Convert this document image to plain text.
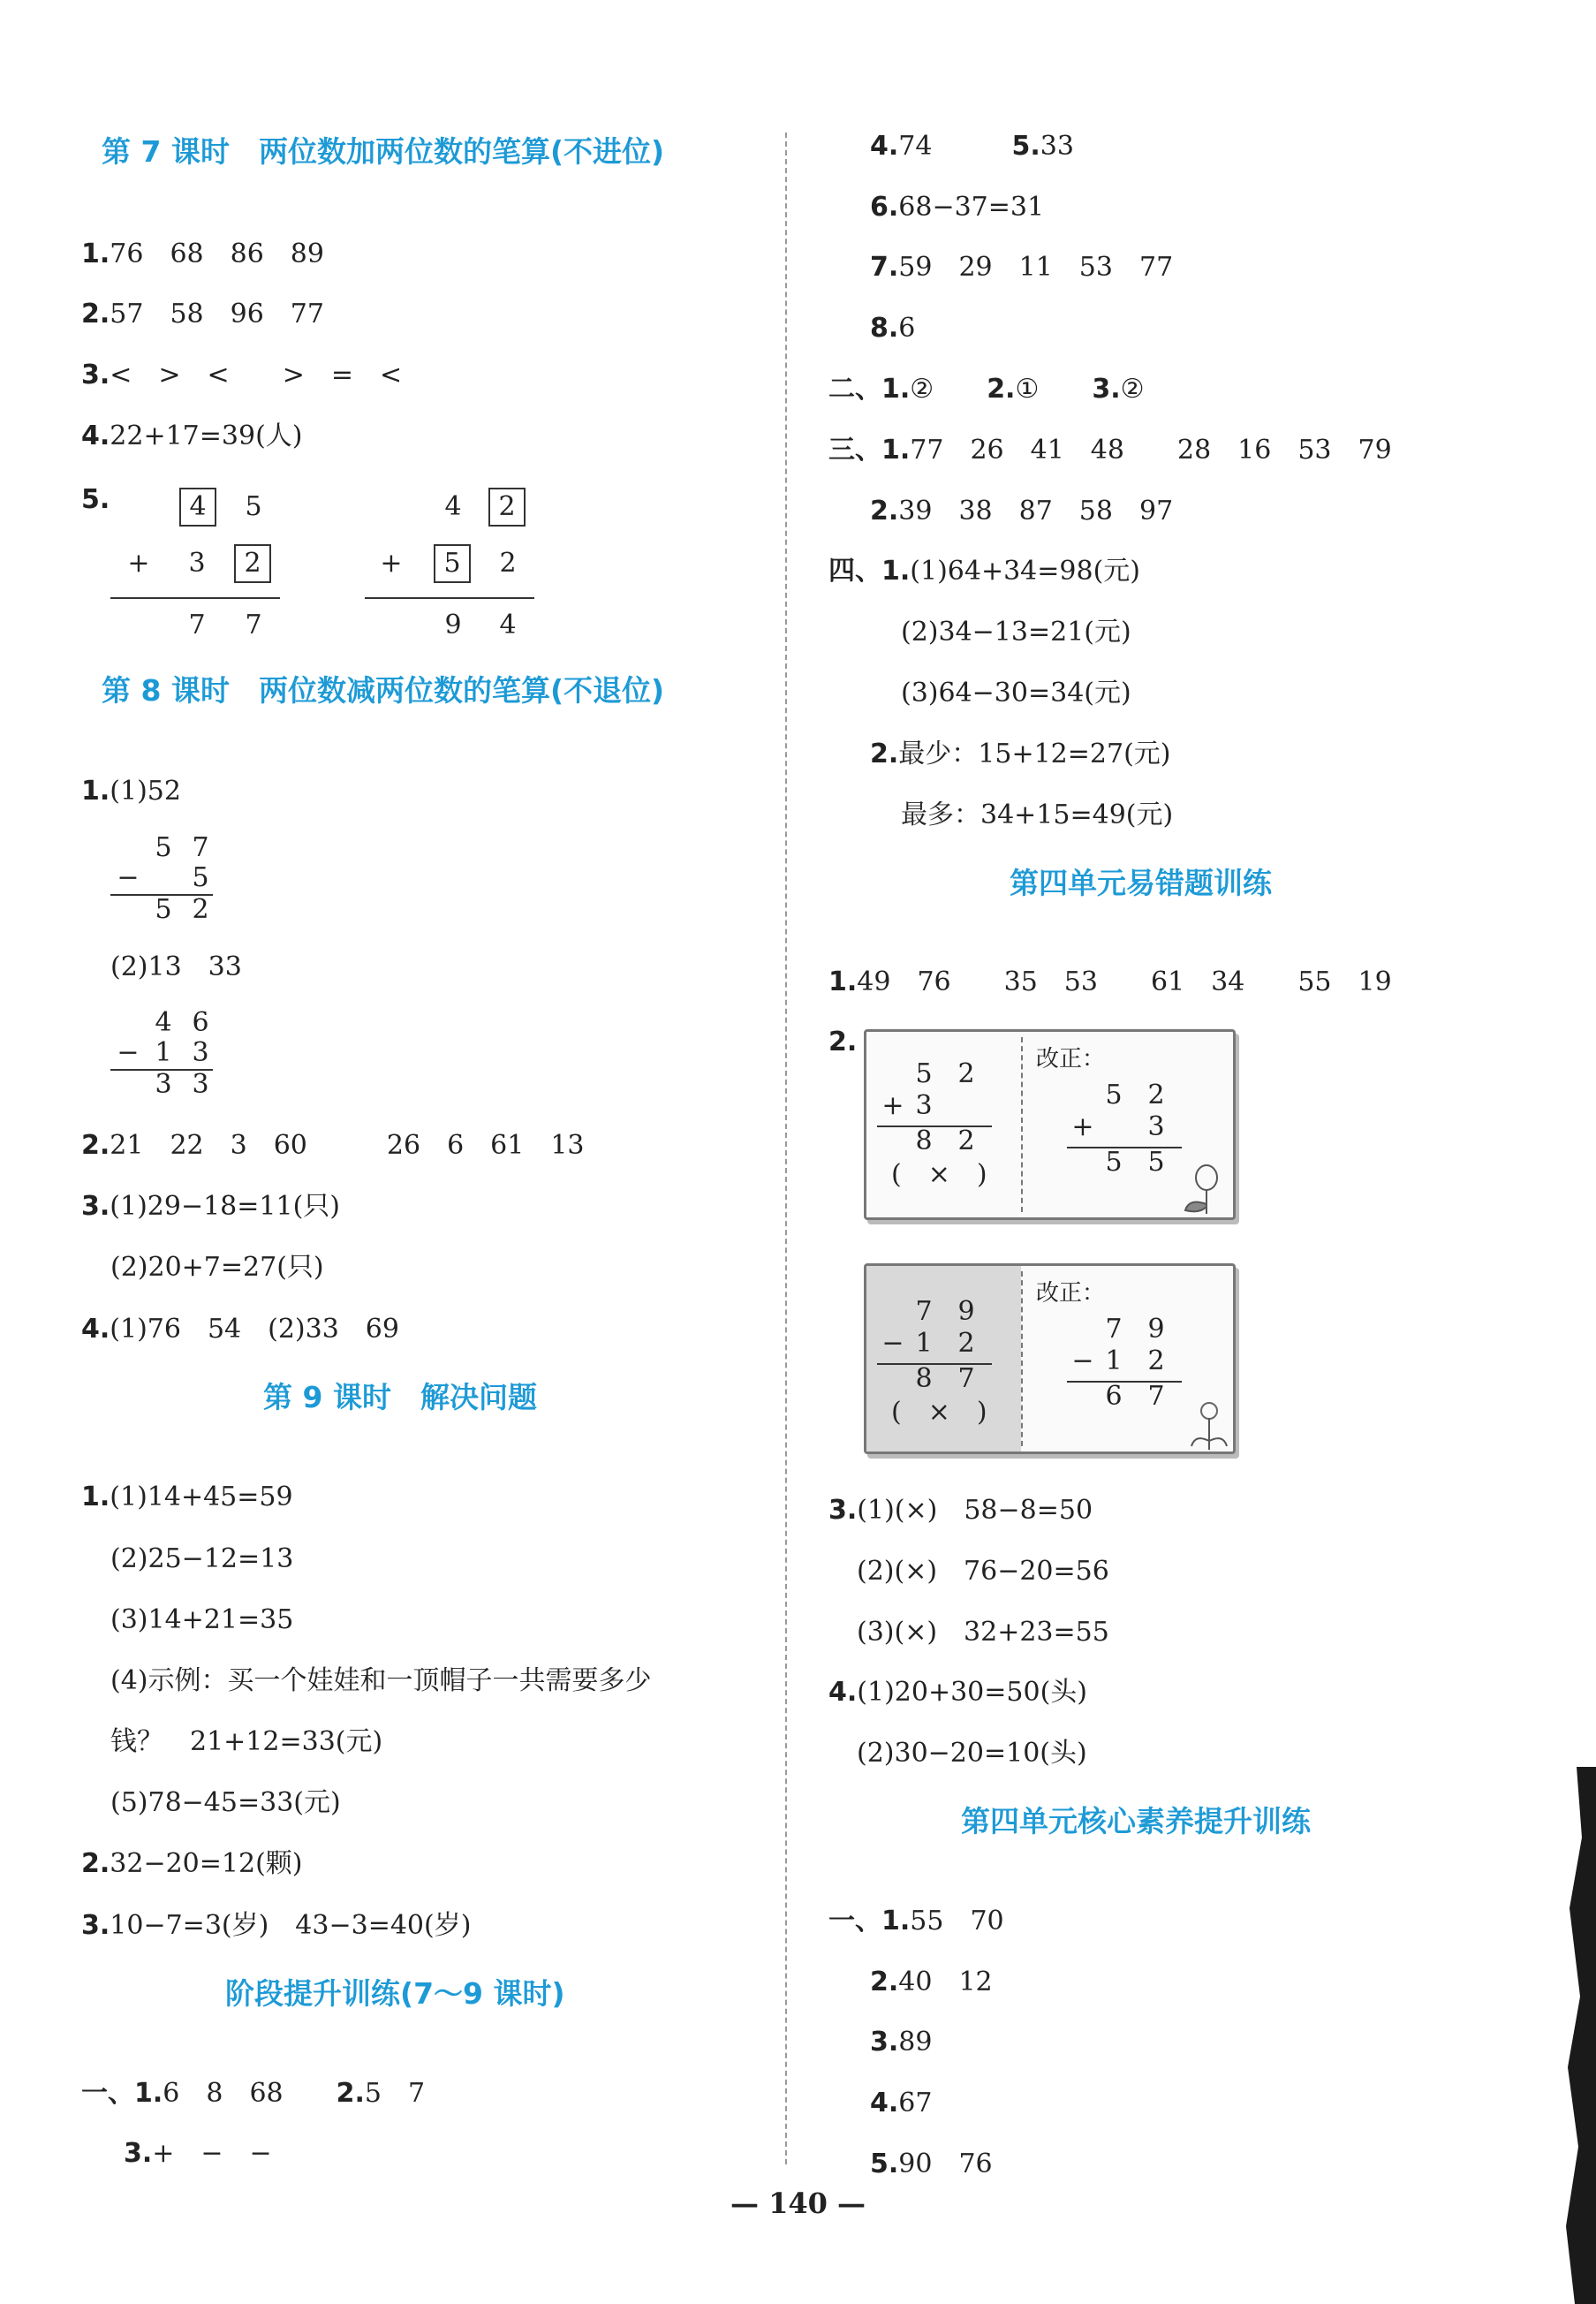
第 7 课时　两位数加两位数的笔算(不进位)
1.76　68　86　89
2.57　58　96　77
3.<　>　<　　>　=　<
4.22+17=39(人)
5.	4	5
+	3	2
7	7
4	2
+	5	2
9	4
第 8 课时　两位数减两位数的笔算(不退位)
1.(1)52
5 7
−	5
5 2
(2)13　33
4 6
− 1 3
3 3
2.21　22　3　60　　　26　6　61　13
3.(1)29−18=11(只)
(2)20+7=27(只)
4.(1)76　54　(2)33　69
第 9 课时　解决问题
1.(1)14+45=59
(2)25−12=13
(3)14+21=35
(4)示例：买一个娃娃和一顶帽子一共需要多少
钱？　21+12=33(元)
(5)78−45=33(元)
2.32−20=12(颗)
3.10−7=3(岁)　43−3=40(岁)
阶段提升训练(7～9 课时)
一、1.6　8　68　　 2.5　7
3.+　−　−
4.74　　　	5.33
6.68−37=31
7.59　29　11　53　77
8.6
二、1.②　　 2.①　　 3.②
三、1.77　26　41　48　　28　16　53　79
2.39　38　87　58　97
四、1.(1)64+34=98(元)
(2)34−13=21(元)
(3)64−30=34(元)
2.最少：15+12=27(元)
最多：34+15=49(元)
第四单元易错题训练
1.49　76　　35　53　　61　34　　55　19
2.
5 2
+ 3
8 2
(　×　)
改正：
5 2
+	3
5 5
7 9
− 1 2
8 7
(　×　)
改正：
7 9
− 1 2
6 7
3.(1)(×)　58−8=50
(2)(×)　76−20=56
(3)(×)　32+23=55
4.(1)20+30=50(头)
(2)30−20=10(头)
第四单元核心素养提升训练
一、1.55　70
2.40　12
3.89
4.67
5.90　76
— 140 —
